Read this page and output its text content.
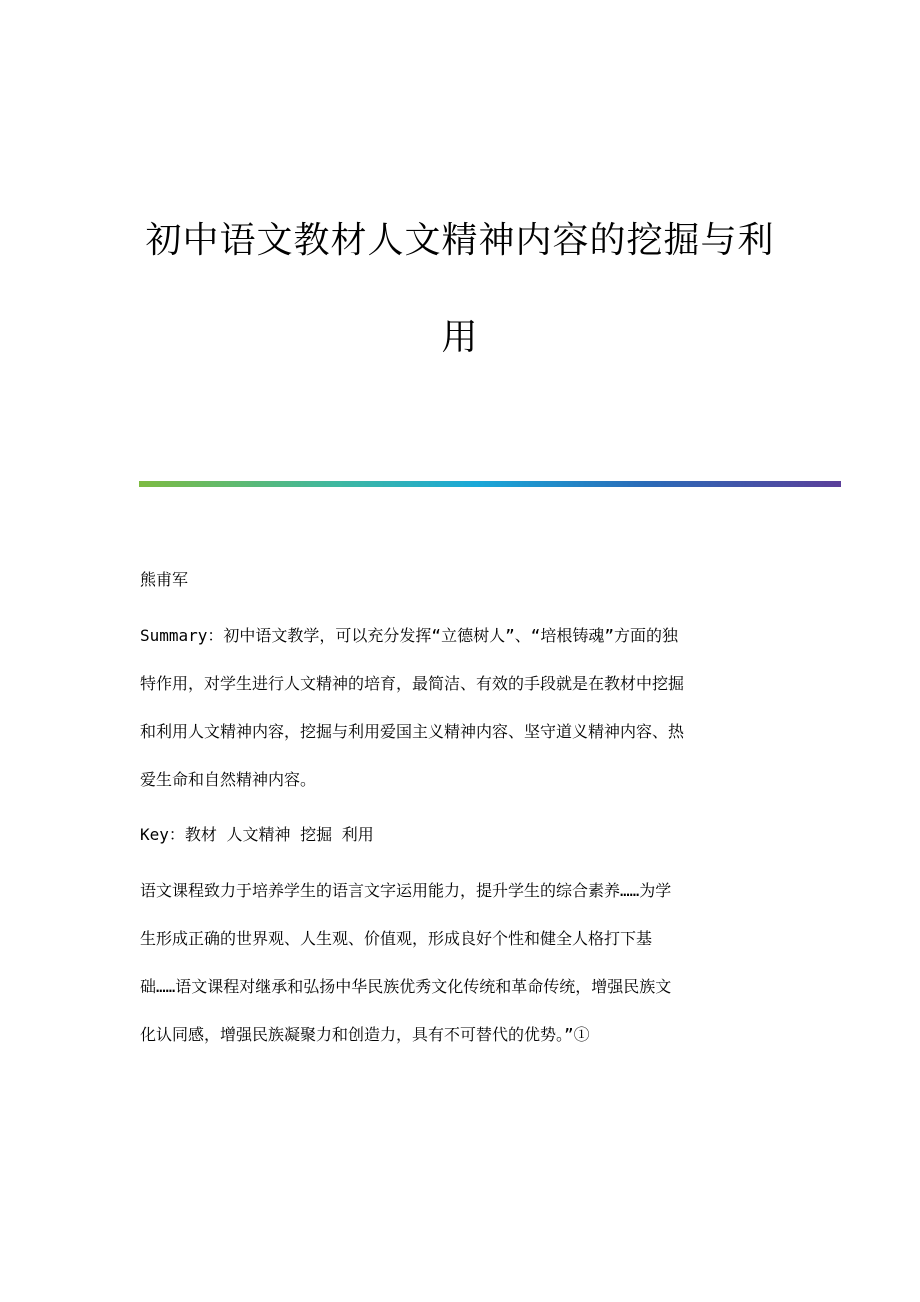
初中语文教材人文精神内容的挖掘与利
用
熊甫军
Summary：初中语文教学，可以充分发挥“立德树人”、“培根铸魂”方面的独
特作用，对学生进行人文精神的培育，最简洁、有效的手段就是在教材中挖掘
和利用人文精神内容，挖掘与利用爱国主义精神内容、坚守道义精神内容、热
爱生命和自然精神内容。
Key：教材 人文精神 挖掘 利用
语文课程致力于培养学生的语言文字运用能力，提升学生的综合素养……为学
生形成正确的世界观、人生观、价值观，形成良好个性和健全人格打下基
础……语文课程对继承和弘扬中华民族优秀文化传统和革命传统，增强民族文
化认同感，增强民族凝聚力和创造力，具有不可替代的优势。”①
